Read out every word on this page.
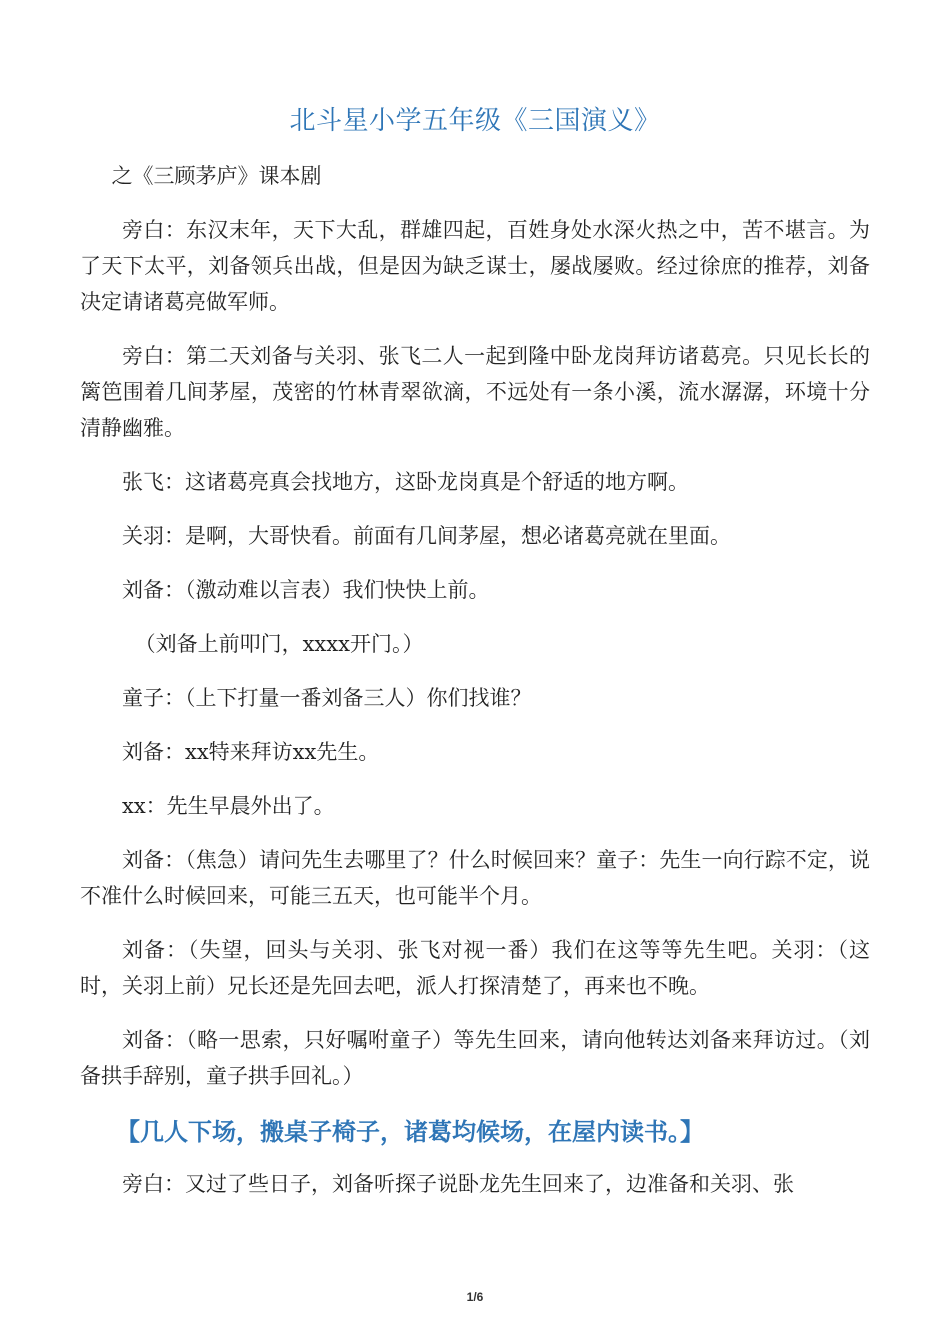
北斗星小学五年级《三国演义》

之《三顾茅庐》课本剧

旁白：东汉末年，天下大乱，群雄四起，百姓身处水深火热之中，苦不堪言。为了天下太平，刘备领兵出战，但是因为缺乏谋士，屡战屡败。经过徐庶的推荐，刘备决定请诸葛亮做军师。

旁白：第二天刘备与关羽、张飞二人一起到隆中卧龙岗拜访诸葛亮。只见长长的篱笆围着几间茅屋，茂密的竹林青翠欲滴，不远处有一条小溪，流水潺潺，环境十分清静幽雅。

张飞：这诸葛亮真会找地方，这卧龙岗真是个舒适的地方啊。

关羽：是啊，大哥快看。前面有几间茅屋，想必诸葛亮就在里面。

刘备：（激动难以言表）我们快快上前。

（刘备上前叩门，xxxx开门。）

童子：（上下打量一番刘备三人）你们找谁？

刘备：xx特来拜访xx先生。

xx：先生早晨外出了。

刘备：（焦急）请问先生去哪里了？什么时候回来？童子：先生一向行踪不定，说不准什么时候回来，可能三五天，也可能半个月。

刘备：（失望，回头与关羽、张飞对视一番）我们在这等等先生吧。关羽：（这时，关羽上前）兄长还是先回去吧，派人打探清楚了，再来也不晚。

刘备：（略一思索，只好嘱咐童子）等先生回来，请向他转达刘备来拜访过。（刘备拱手辞别，童子拱手回礼。）

【几人下场，搬桌子椅子，诸葛均候场，在屋内读书。】

旁白：又过了些日子，刘备听探子说卧龙先生回来了，边准备和关羽、张

1/6
